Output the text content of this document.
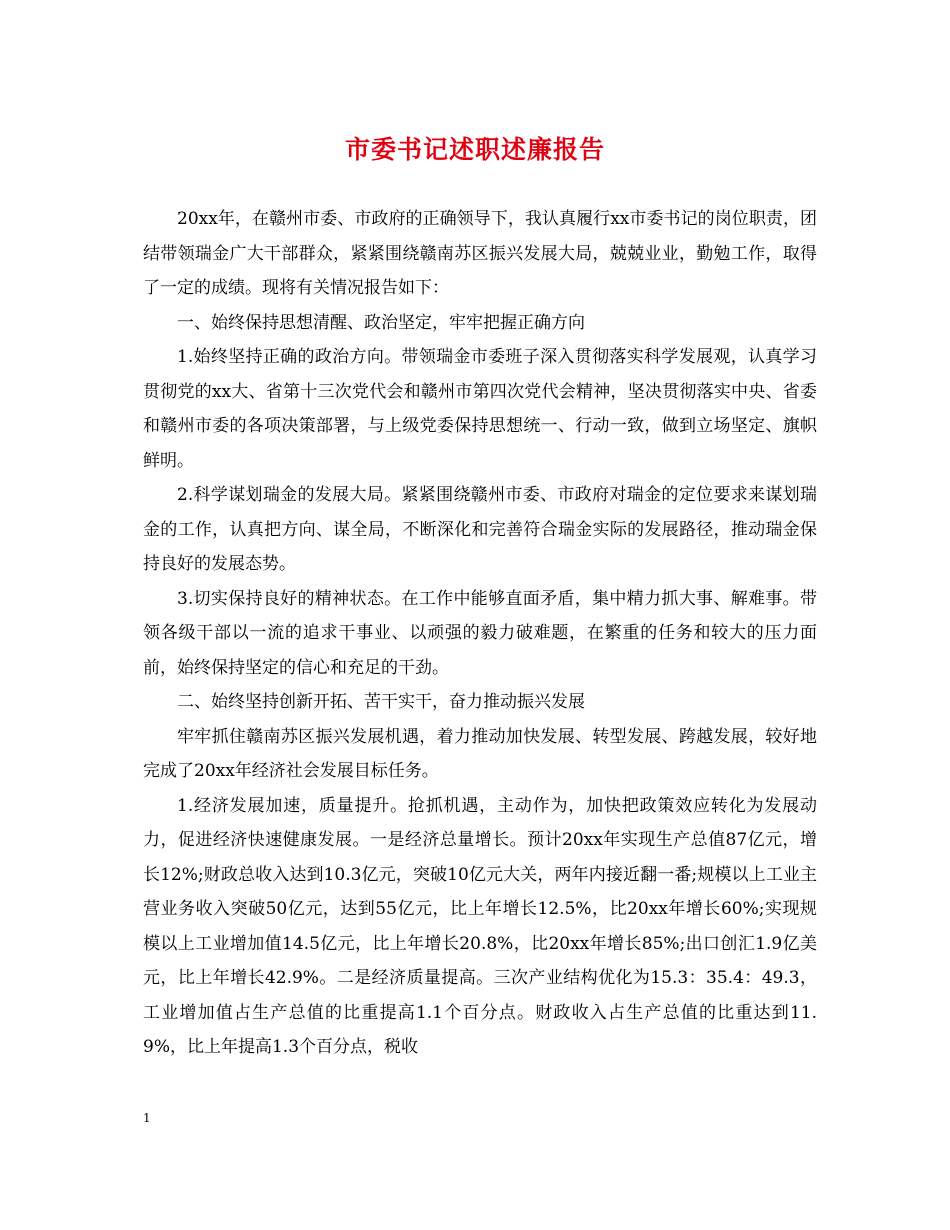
市委书记述职述廉报告

20xx年，在赣州市委、市政府的正确领导下，我认真履行xx市委书记的岗位职责，团结带领瑞金广大干部群众，紧紧围绕赣南苏区振兴发展大局，兢兢业业，勤勉工作，取得了一定的成绩。现将有关情况报告如下：

一、始终保持思想清醒、政治坚定，牢牢把握正确方向

1.始终坚持正确的政治方向。带领瑞金市委班子深入贯彻落实科学发展观，认真学习贯彻党的xx大、省第十三次党代会和赣州市第四次党代会精神，坚决贯彻落实中央、省委和赣州市委的各项决策部署，与上级党委保持思想统一、行动一致，做到立场坚定、旗帜鲜明。

2.科学谋划瑞金的发展大局。紧紧围绕赣州市委、市政府对瑞金的定位要求来谋划瑞金的工作，认真把方向、谋全局，不断深化和完善符合瑞金实际的发展路径，推动瑞金保持良好的发展态势。

3.切实保持良好的精神状态。在工作中能够直面矛盾，集中精力抓大事、解难事。带领各级干部以一流的追求干事业、以顽强的毅力破难题，在繁重的任务和较大的压力面前，始终保持坚定的信心和充足的干劲。

二、始终坚持创新开拓、苦干实干，奋力推动振兴发展

牢牢抓住赣南苏区振兴发展机遇，着力推动加快发展、转型发展、跨越发展，较好地完成了20xx年经济社会发展目标任务。

1.经济发展加速，质量提升。抢抓机遇，主动作为，加快把政策效应转化为发展动力，促进经济快速健康发展。一是经济总量增长。预计20xx年实现生产总值87亿元，增长12%;财政总收入达到10.3亿元，突破10亿元大关，两年内接近翻一番;规模以上工业主营业务收入突破50亿元，达到55亿元，比上年增长12.5%，比20xx年增长60%;实现规模以上工业增加值14.5亿元，比上年增长20.8%，比20xx年增长85%;出口创汇1.9亿美元，比上年增长42.9%。二是经济质量提高。三次产业结构优化为15.3：35.4：49.3，工业增加值占生产总值的比重提高1.1个百分点。财政收入占生产总值的比重达到11.9%，比上年提高1.3个百分点，税收

1
